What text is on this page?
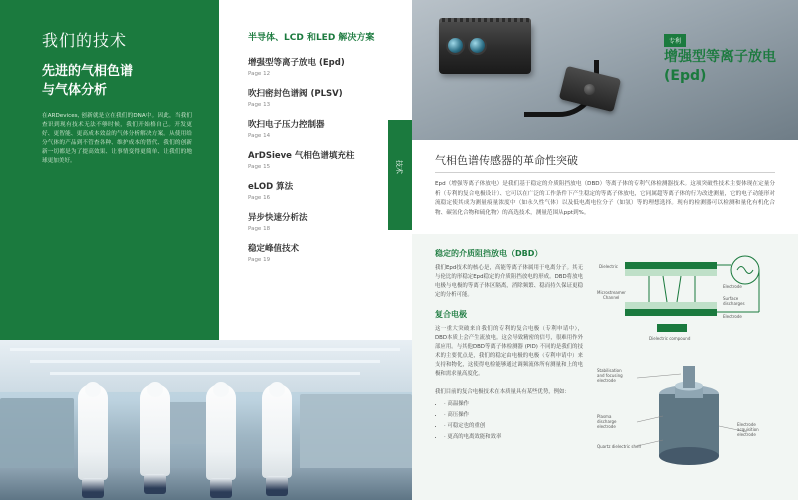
我们的技术
先进的气相色谱
与气体分析
在ARDevices, 创新就是立在我们的DNA中。因此，当我们查识到现有技术无法不够时候，我们开始格自己。开发更好、更智能、更高成本效益的气体分析解决方案。从使用给分气体的产品到不管查各种、维护成本的替代、我们的创新新一切都是为了提高效果、让事情变得更简单、让我们的地球更加美好。
半导体、LCD 和LED 解决方案
增强型等离子放电 (Epd)
Page 12
吹扫密封色谱阀 (PLSV)
Page 13
吹扫电子压力控制器
Page 14
ArDSieve 气相色谱填充柱
Page 15
eLOD 算法
Page 16
异步快速分析法
Page 18
稳定峰值技术
Page 19
技术
专利
增强型等离子放电
(Epd)
气相色谱传感器的革命性突破
Epd（增强等离子体放电）是我们基于稳定的介质阻挡放电（DBD）等离子体的专利气体检测器技术。这项突破性技术主要体现在定量分析（专利的复合电极设计）、它可以在广泛的工作条件下产生稳定的等离子体放电，它同属超等离子体的行为改进测量，它的电子动能形对流稳定使其成为测量痕量浓度中（如永久性气体）以及低电离电位分子（如氢）等的理想选择。现有的检测器可以检测和量化有机化合物、碳氢化合物和硫化物）的高选技术，测量范围从ppt到%。
稳定的介质阻挡放电（DBD）
我们Epd技术的核心是，高能等离子体属用于电离分子。其无与伦比的形稳定Epd稳定的介质阻挡放电的形成。DBD将放电电极与电极的等离子体区隔离，消除频繁、稳而持久保证更稳定的分析可能。
复合电极
这一重大突破来自我们的专利的复合电极（专利申请中），DBD本质上会产生流放电。这会导致精密的信号，很难用作外部应用。与其他DBD等离子体检测器 (PID) 不同的是我们的技术的主要优点是，我们的稳定由电极的电极（专利申请中）来支持和物化，这使得电检能够通过调频流体所有测量和上的电极和需求量高度化。
我们目前的复合电极技术在本质量具有某些优势，例如：
• · 高温操作
• · 高压操作
• · 可稳定也的重创
• · 更高的电离效能和效率
Dielectric
Electrode
Microstreamer
Channel	Surface
discharges
Electrode
Dielectric compound
Stabilisation
and focusing
electrode
Plasma
discharge
electrode
Quartz dielectric shell
Electrode
acquisition
electrode
